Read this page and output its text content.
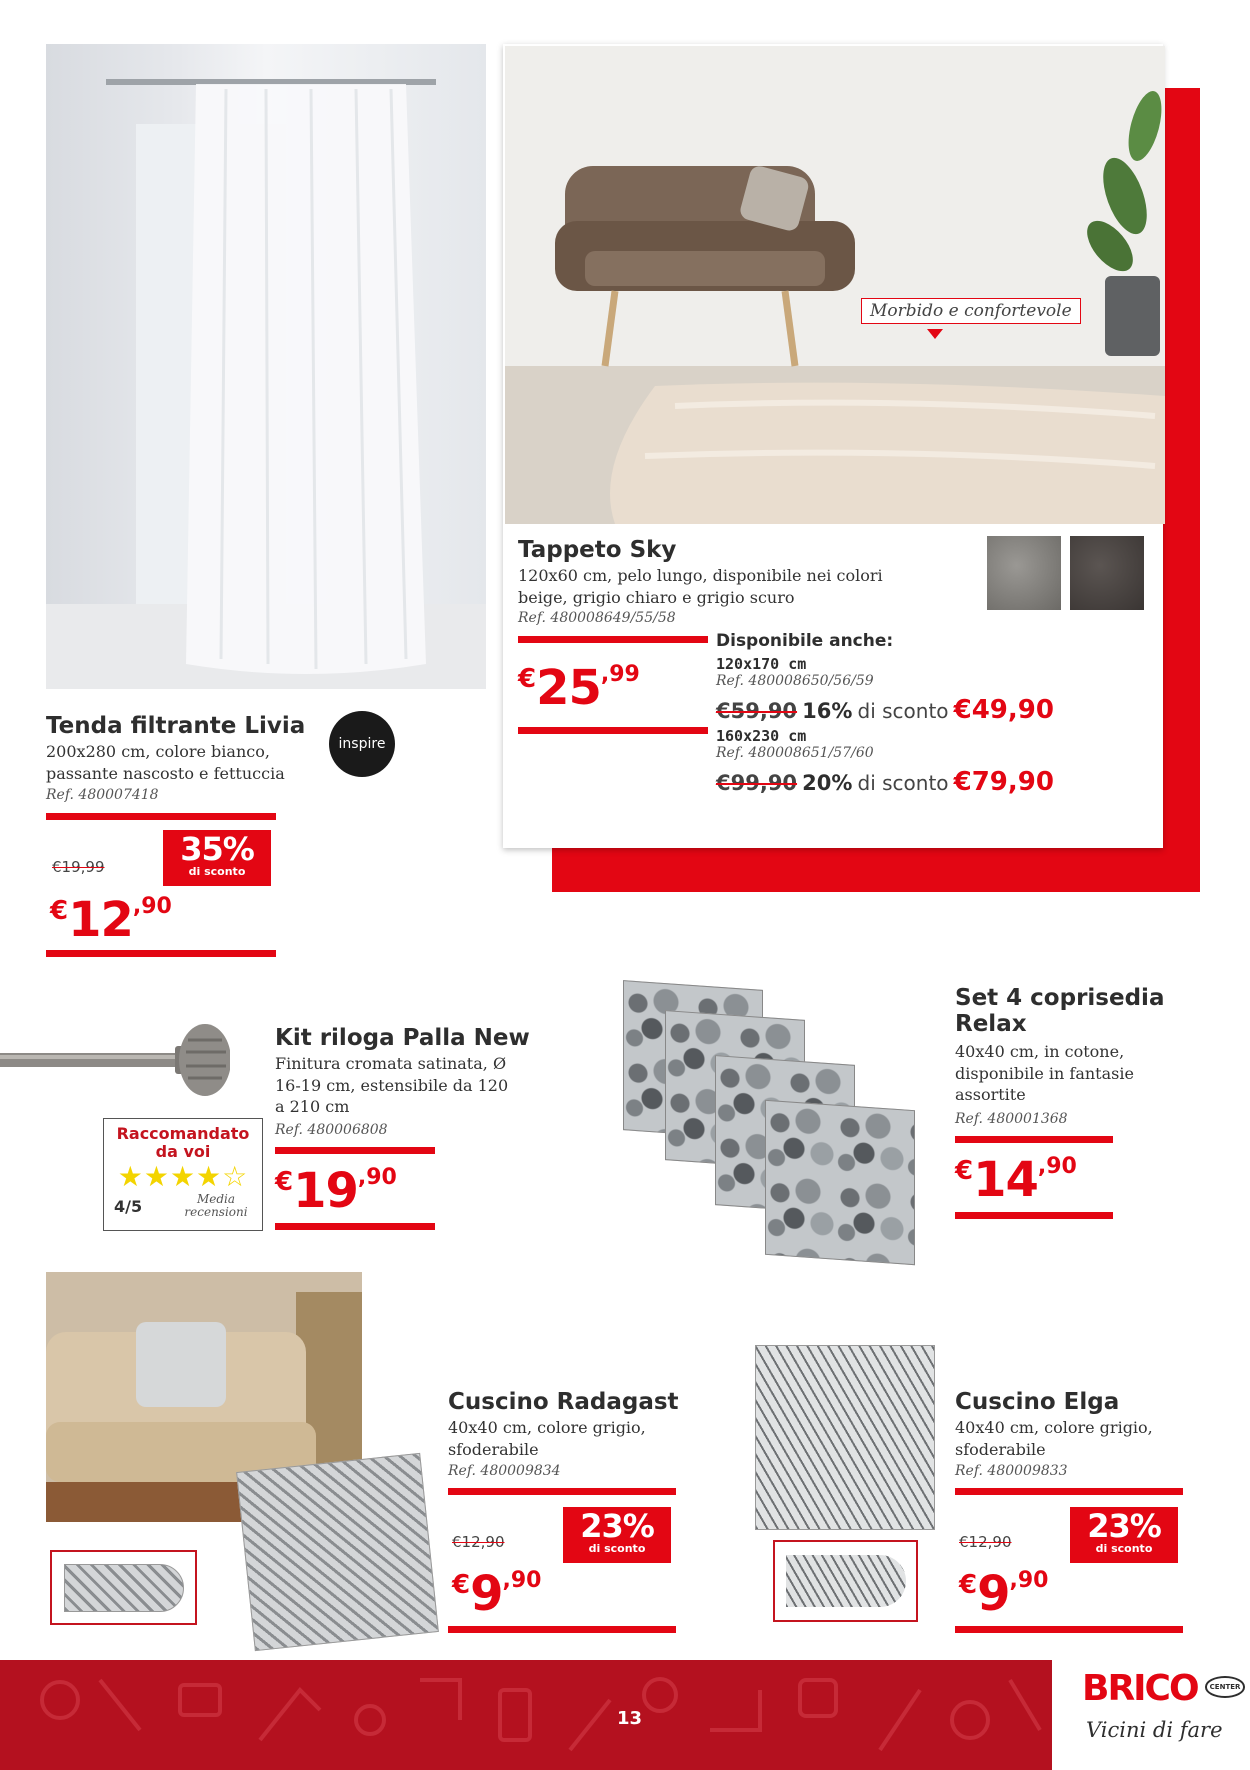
Morbido e confortevole
Tappeto Sky
120x60 cm, pelo lungo, disponibile nei colori beige, grigio chiaro e grigio scuro
Ref. 480008649/55/58
€25,99
Disponibile anche:
120x170 cm
Ref. 480008650/56/59
€59,90 16% di sconto €49,90
160x230 cm
Ref. 480008651/57/60
€99,90 20% di sconto €79,90
Tenda filtrante Livia
inspire
200x280 cm, colore bianco, passante nascosto e fettuccia
Ref. 480007418
€19,99	35%
di sconto
€12,90
Kit riloga Palla New
Finitura cromata satinata, Ø 16-19 cm, estensibile da 120 a 210 cm
Ref. 480006808
Raccomandato da voi
★★★★☆
4/5	Media recensioni
€19,90
Set 4 coprisedia Relax
40x40 cm, in cotone, disponibile in fantasie assortite
Ref. 480001368
€14,90
Cuscino Radagast
40x40 cm, colore grigio, sfoderabile
Ref. 480009834
€12,90	23%
di sconto
€9,90
Cuscino Elga
40x40 cm, colore grigio, sfoderabile
Ref. 480009833
€12,90	23%
di sconto
€9,90
13
BRICO CENTER
Vicini di fare
